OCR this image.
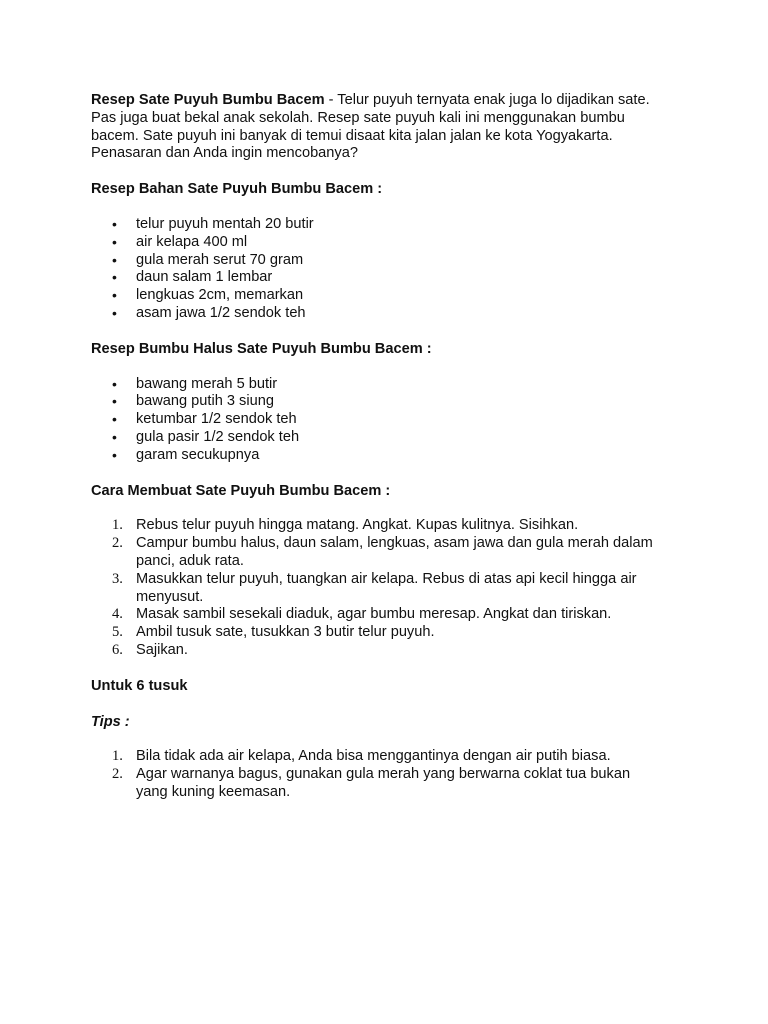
Resep Sate Puyuh Bumbu Bacem - Telur puyuh ternyata enak juga lo dijadikan sate.
Pas juga buat bekal anak sekolah. Resep sate puyuh kali ini menggunakan bumbu
bacem. Sate puyuh ini banyak di temui disaat kita jalan jalan ke kota Yogyakarta.
Penasaran dan Anda ingin mencobanya?

Resep Bahan Sate Puyuh Bumbu Bacem :
• telur puyuh mentah 20 butir
• air kelapa 400 ml
• gula merah serut 70 gram
• daun salam 1 lembar
• lengkuas 2cm, memarkan
• asam jawa 1/2 sendok teh
Resep Bumbu Halus Sate Puyuh Bumbu Bacem :
• bawang merah 5 butir
• bawang putih 3 siung
• ketumbar 1/2 sendok teh
• gula pasir 1/2 sendok teh
• garam secukupnya
Cara Membuat Sate Puyuh Bumbu Bacem :
1. Rebus telur puyuh hingga matang. Angkat. Kupas kulitnya. Sisihkan.
2. Campur bumbu halus, daun salam, lengkuas, asam jawa dan gula merah dalam
panci, aduk rata.
3. Masukkan telur puyuh, tuangkan air kelapa. Rebus di atas api kecil hingga air
menyusut.
4. Masak sambil sesekali diaduk, agar bumbu meresap. Angkat dan tiriskan.
5. Ambil tusuk sate, tusukkan 3 butir telur puyuh.
6. Sajikan.
Untuk 6 tusuk
Tips :
1. Bila tidak ada air kelapa, Anda bisa menggantinya dengan air putih biasa.
2. Agar warnanya bagus, gunakan gula merah yang berwarna coklat tua bukan
yang kuning keemasan.
